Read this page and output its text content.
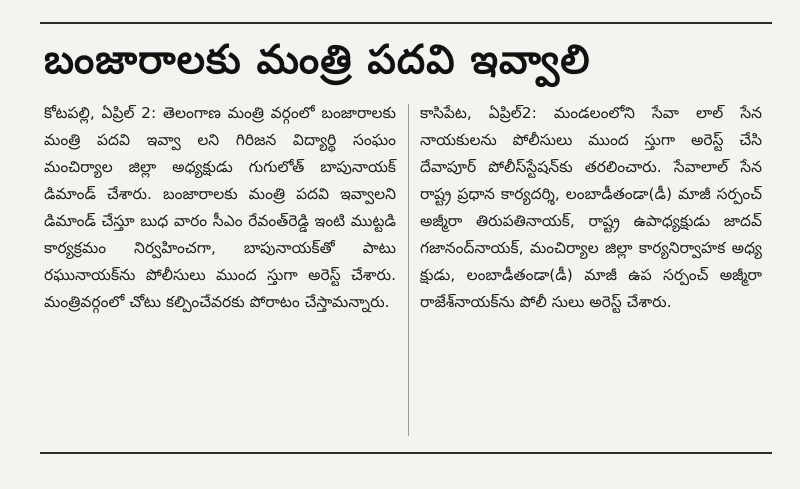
బంజారాలకు మంత్రి పదవి ఇవ్వాలి

కోటపల్లి, ఏప్రిల్ 2: తెలంగాణ మంత్రి వర్గంలో బంజారాలకు మంత్రి పదవి ఇవ్వా లని గిరిజన విద్యార్థి సంఘం మంచిర్యాల జిల్లా అధ్యక్షుడు గుగులోత్ బాపునాయక్ డిమాండ్ చేశారు. బంజారాలకు మంత్రి పదవి ఇవ్వాలని డిమాండ్ చేస్తూ బుధ వారం సీఎం రేవంత్‌రెడ్డి ఇంటి ముట్టడి కార్యక్రమం నిర్వహించగా, బాపునాయక్‌తో పాటు రఘునాయక్‌ను పోలీసులు ముంద స్తుగా అరెస్ట్ చేశారు. మంత్రివర్గంలో చోటు కల్పించేవరకు పోరాటం చేస్తామన్నారు.

కాసిపేట, ఏప్రిల్2: మండలంలోని సేవా లాల్ సేన నాయకులను పోలీసులు ముంద స్తుగా అరెస్ట్ చేసి దేవాపూర్ పోలీస్‌స్టేషన్‌కు తరలించారు. సేవాలాల్ సేన రాష్ట్ర ప్రధాన కార్యదర్శి, లంబాడీతండా(డీ) మాజీ సర్పంచ్ అజ్మీరా తిరుపతినాయక్, రాష్ట్ర ఉపాధ్యక్షుడు జాదవ్ గజానంద్‌నాయక్, మంచిర్యాల జిల్లా కార్యనిర్వాహక అధ్య క్షుడు, లంబాడీతండా(డీ) మాజీ ఉప సర్పంచ్ అజ్మీరా రాజేశ్‌నాయక్‌ను పోలీ సులు అరెస్ట్ చేశారు.
